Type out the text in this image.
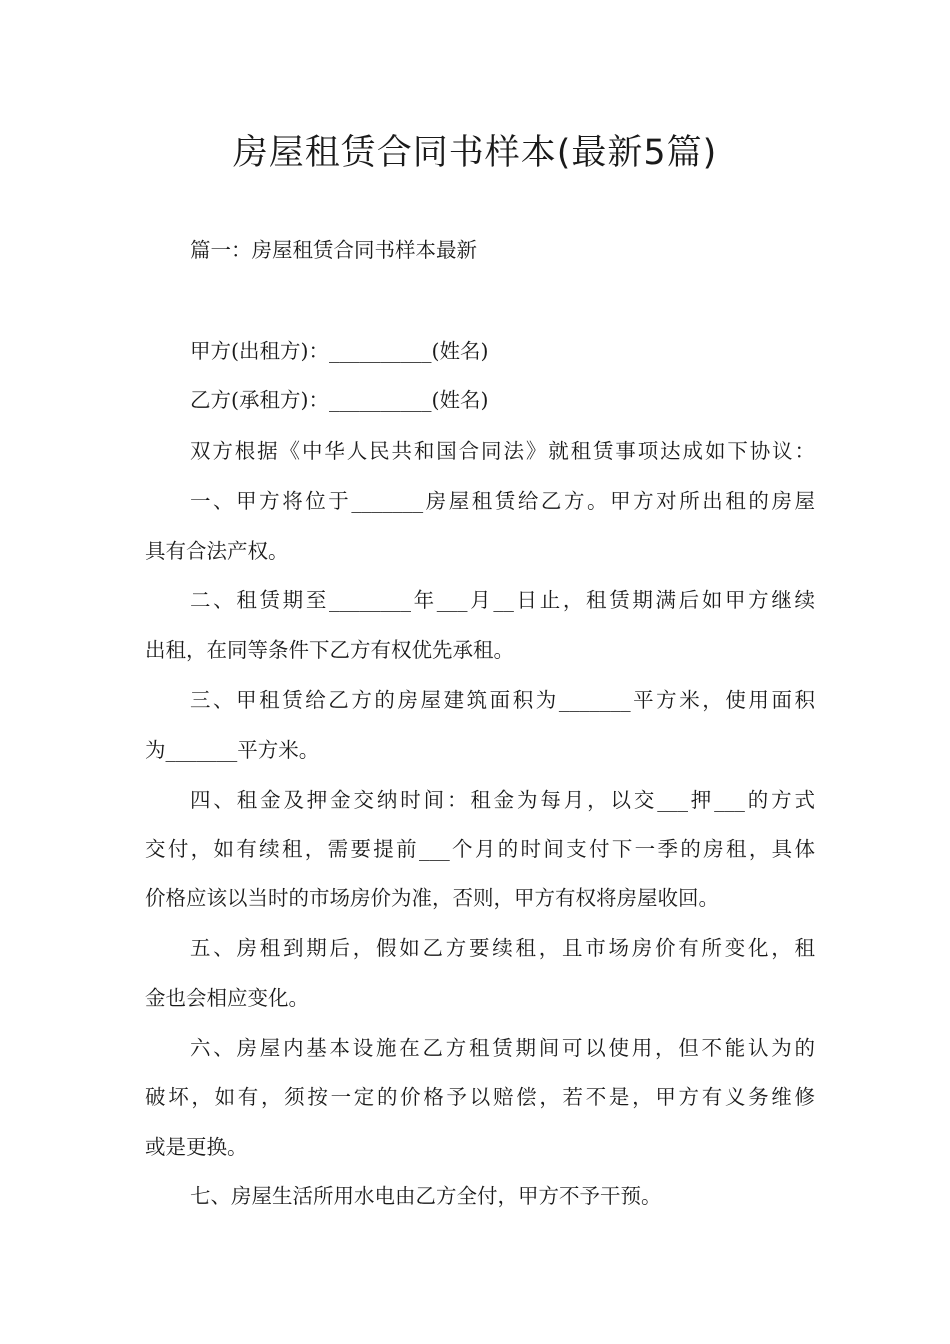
房屋租赁合同书样本(最新5篇)
篇一：房屋租赁合同书样本最新
甲方(出租方)：__________(姓名)
乙方(承租方)：__________(姓名)
双方根据《中华人民共和国合同法》就租赁事项达成如下协议：
一、甲方将位于_______房屋租赁给乙方。甲方对所出租的房屋
具有合法产权。
二、租赁期至________年___月__日止，租赁期满后如甲方继续
出租，在同等条件下乙方有权优先承租。
三、甲租赁给乙方的房屋建筑面积为_______平方米，使用面积
为_______平方米。
四、租金及押金交纳时间：租金为每月，以交___押___的方式
交付，如有续租，需要提前___个月的时间支付下一季的房租，具体
价格应该以当时的市场房价为准，否则，甲方有权将房屋收回。
五、房租到期后，假如乙方要续租，且市场房价有所变化，租
金也会相应变化。
六、房屋内基本设施在乙方租赁期间可以使用，但不能认为的
破坏，如有，须按一定的价格予以赔偿，若不是，甲方有义务维修
或是更换。
七、房屋生活所用水电由乙方全付，甲方不予干预。
